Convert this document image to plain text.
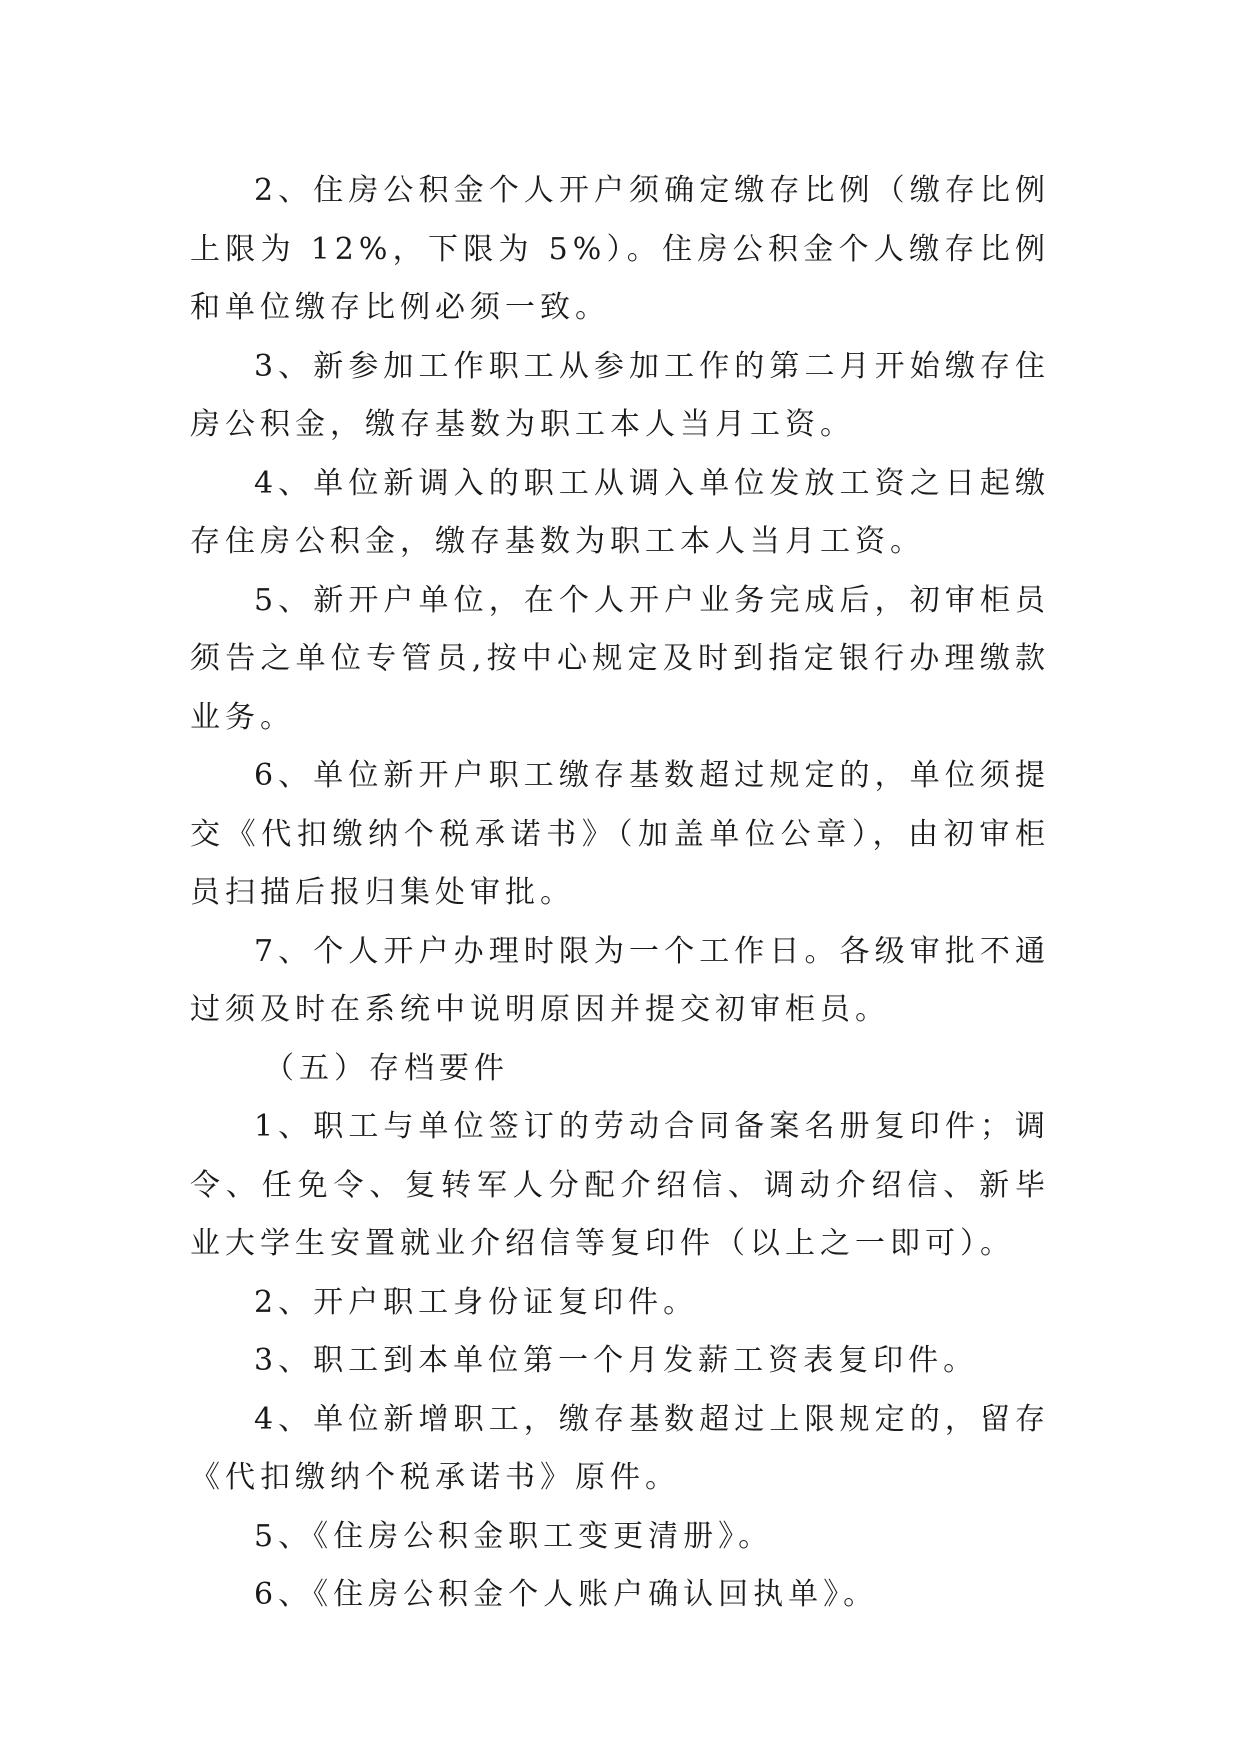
2、住房公积金个人开户须确定缴存比例（缴存比例上限为 12%，下限为 5%）。住房公积金个人缴存比例和单位缴存比例必须一致。

3、新参加工作职工从参加工作的第二月开始缴存住房公积金，缴存基数为职工本人当月工资。

4、单位新调入的职工从调入单位发放工资之日起缴存住房公积金，缴存基数为职工本人当月工资。

5、新开户单位，在个人开户业务完成后，初审柜员须告之单位专管员,按中心规定及时到指定银行办理缴款业务。

6、单位新开户职工缴存基数超过规定的，单位须提交《代扣缴纳个税承诺书》（加盖单位公章），由初审柜员扫描后报归集处审批。

7、个人开户办理时限为一个工作日。各级审批不通过须及时在系统中说明原因并提交初审柜员。

（五）存档要件

1、职工与单位签订的劳动合同备案名册复印件；调令、任免令、复转军人分配介绍信、调动介绍信、新毕业大学生安置就业介绍信等复印件（以上之一即可）。

2、开户职工身份证复印件。

3、职工到本单位第一个月发薪工资表复印件。

4、单位新增职工，缴存基数超过上限规定的，留存《代扣缴纳个税承诺书》原件。

5、《住房公积金职工变更清册》。

6、《住房公积金个人账户确认回执单》。
